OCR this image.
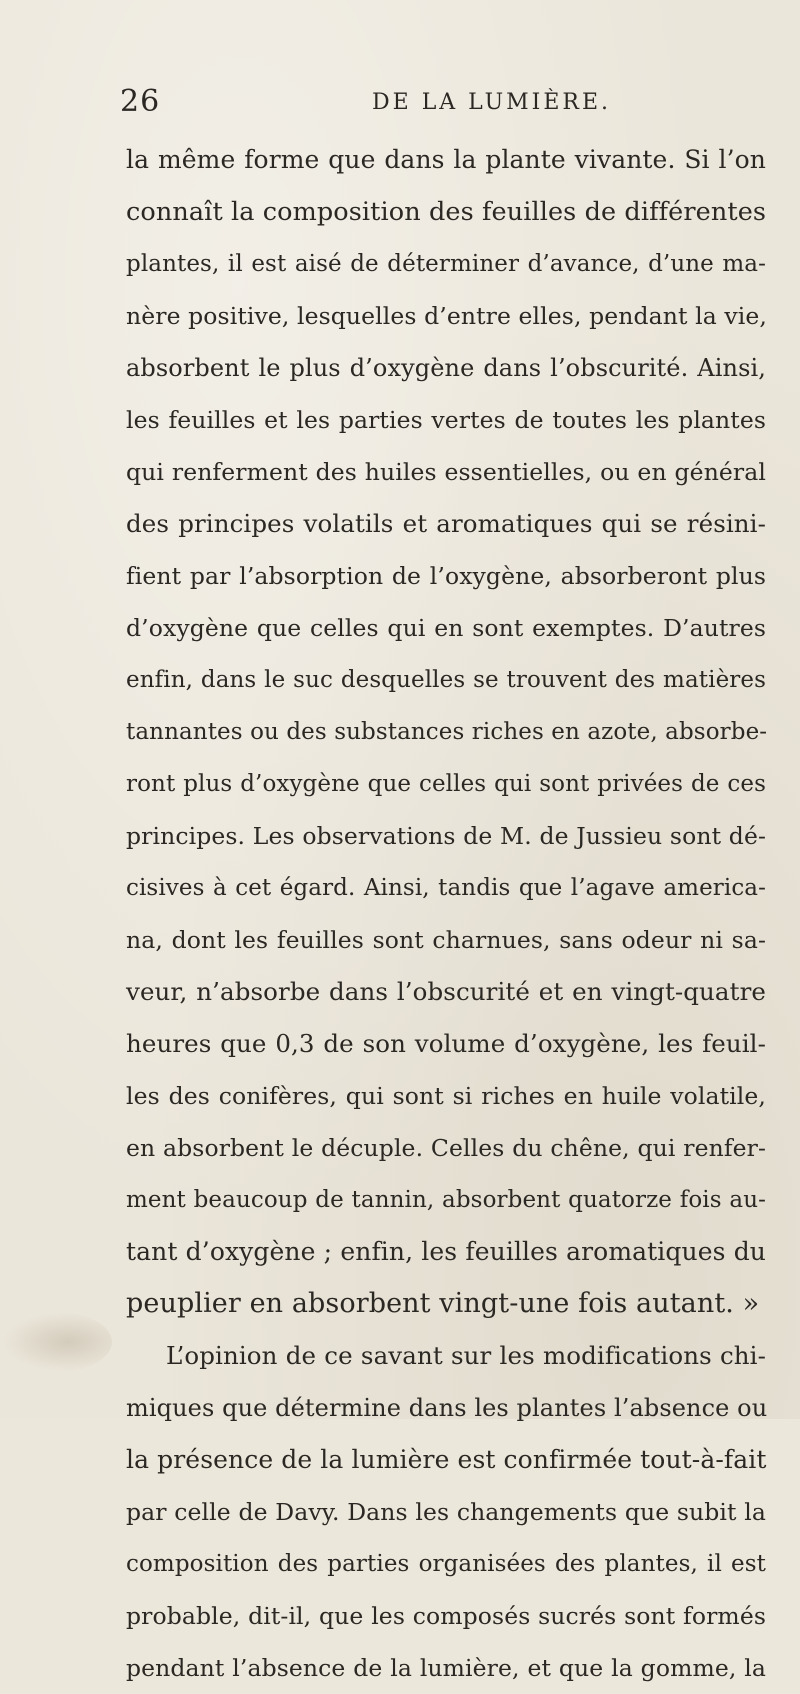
26	DE LA LUMIÈRE.
la même forme que dans la plante vivante. Si l’on
connaît la composition des feuilles de différentes
plantes, il est aisé de déterminer d’avance, d’une ma-
nère positive, lesquelles d’entre elles, pendant la vie,
absorbent le plus d’oxygène dans l’obscurité. Ainsi,
les feuilles et les parties vertes de toutes les plantes
qui renferment des huiles essentielles, ou en général
des principes volatils et aromatiques qui se résini-
fient par l’absorption de l’oxygène, absorberont plus
d’oxygène que celles qui en sont exemptes. D’autres
enfin, dans le suc desquelles se trouvent des matières
tannantes ou des substances riches en azote, absorbe-
ront plus d’oxygène que celles qui sont privées de ces
principes. Les observations de M. de Jussieu sont dé-
cisives à cet égard. Ainsi, tandis que l’agave america-
na, dont les feuilles sont charnues, sans odeur ni sa-
veur, n’absorbe dans l’obscurité et en vingt-quatre
heures que 0,3 de son volume d’oxygène, les feuil-
les des conifères, qui sont si riches en huile volatile,
en absorbent le décuple. Celles du chêne, qui renfer-
ment beaucoup de tannin, absorbent quatorze fois au-
tant d’oxygène ; enfin, les feuilles aromatiques du
peuplier en absorbent vingt-une fois autant. »
L’opinion de ce savant sur les modifications chi-
miques que détermine dans les plantes l’absence ou
la présence de la lumière est confirmée tout-à-fait
par celle de Davy. Dans les changements que subit la
composition des parties organisées des plantes, il est
probable, dit-il, que les composés sucrés sont formés
pendant l’absence de la lumière, et que la gomme, la
